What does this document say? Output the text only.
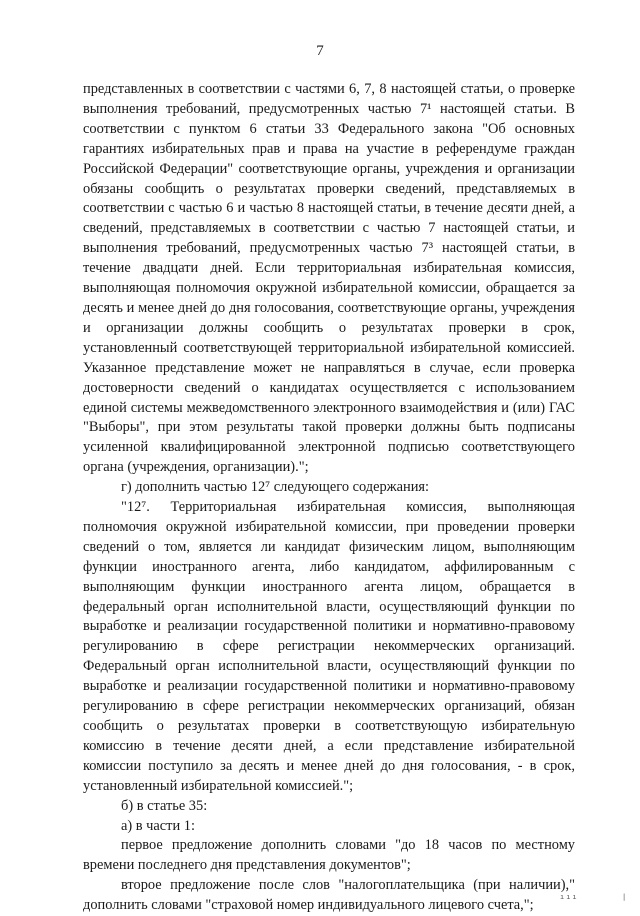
7

представленных в соответствии с частями 6, 7, 8 настоящей статьи, о проверке выполнения требований, предусмотренных частью 7¹ настоящей статьи. В соответствии с пунктом 6 статьи 33 Федерального закона "Об основных гарантиях избирательных прав и права на участие в референдуме граждан Российской Федерации" соответствующие органы, учреждения и организации обязаны сообщить о результатах проверки сведений, представляемых в соответствии с частью 6 и частью 8 настоящей статьи, в течение десяти дней, а сведений, представляемых в соответствии с частью 7 настоящей статьи, и выполнения требований, предусмотренных частью 7³ настоящей статьи, в течение двадцати дней. Если территориальная избирательная комиссия, выполняющая полномочия окружной избирательной комиссии, обращается за десять и менее дней до дня голосования, соответствующие органы, учреждения и организации должны сообщить о результатах проверки в срок, установленный соответствующей территориальной избирательной комиссией. Указанное представление может не направляться в случае, если проверка достоверности сведений о кандидатах осуществляется с использованием единой системы межведомственного электронного взаимодействия и (или) ГАС "Выборы", при этом результаты такой проверки должны быть подписаны усиленной квалифицированной электронной подписью соответствующего органа (учреждения, организации).";

г) дополнить частью 12⁷ следующего содержания:

"12⁷. Территориальная избирательная комиссия, выполняющая полномочия окружной избирательной комиссии, при проведении проверки сведений о том, является ли кандидат физическим лицом, выполняющим функции иностранного агента, либо кандидатом, аффилированным с выполняющим функции иностранного агента лицом, обращается в федеральный орган исполнительной власти, осуществляющий функции по выработке и реализации государственной политики и нормативно-правовому регулированию в сфере регистрации некоммерческих организаций. Федеральный орган исполнительной власти, осуществляющий функции по выработке и реализации государственной политики и нормативно-правовому регулированию в сфере регистрации некоммерческих организаций, обязан сообщить о результатах проверки в соответствующую избирательную комиссию в течение десяти дней, а если представление избирательной комиссии поступило за десять и менее дней до дня голосования, - в срок, установленный избирательной комиссией.";

б) в статье 35:

а) в части 1:

первое предложение дополнить словами "до 18 часов по местному времени последнего дня представления документов";

второе предложение после слов "налогоплательщика (при наличии)," дополнить словами "страховой номер индивидуального лицевого счета,";

ııı	|
